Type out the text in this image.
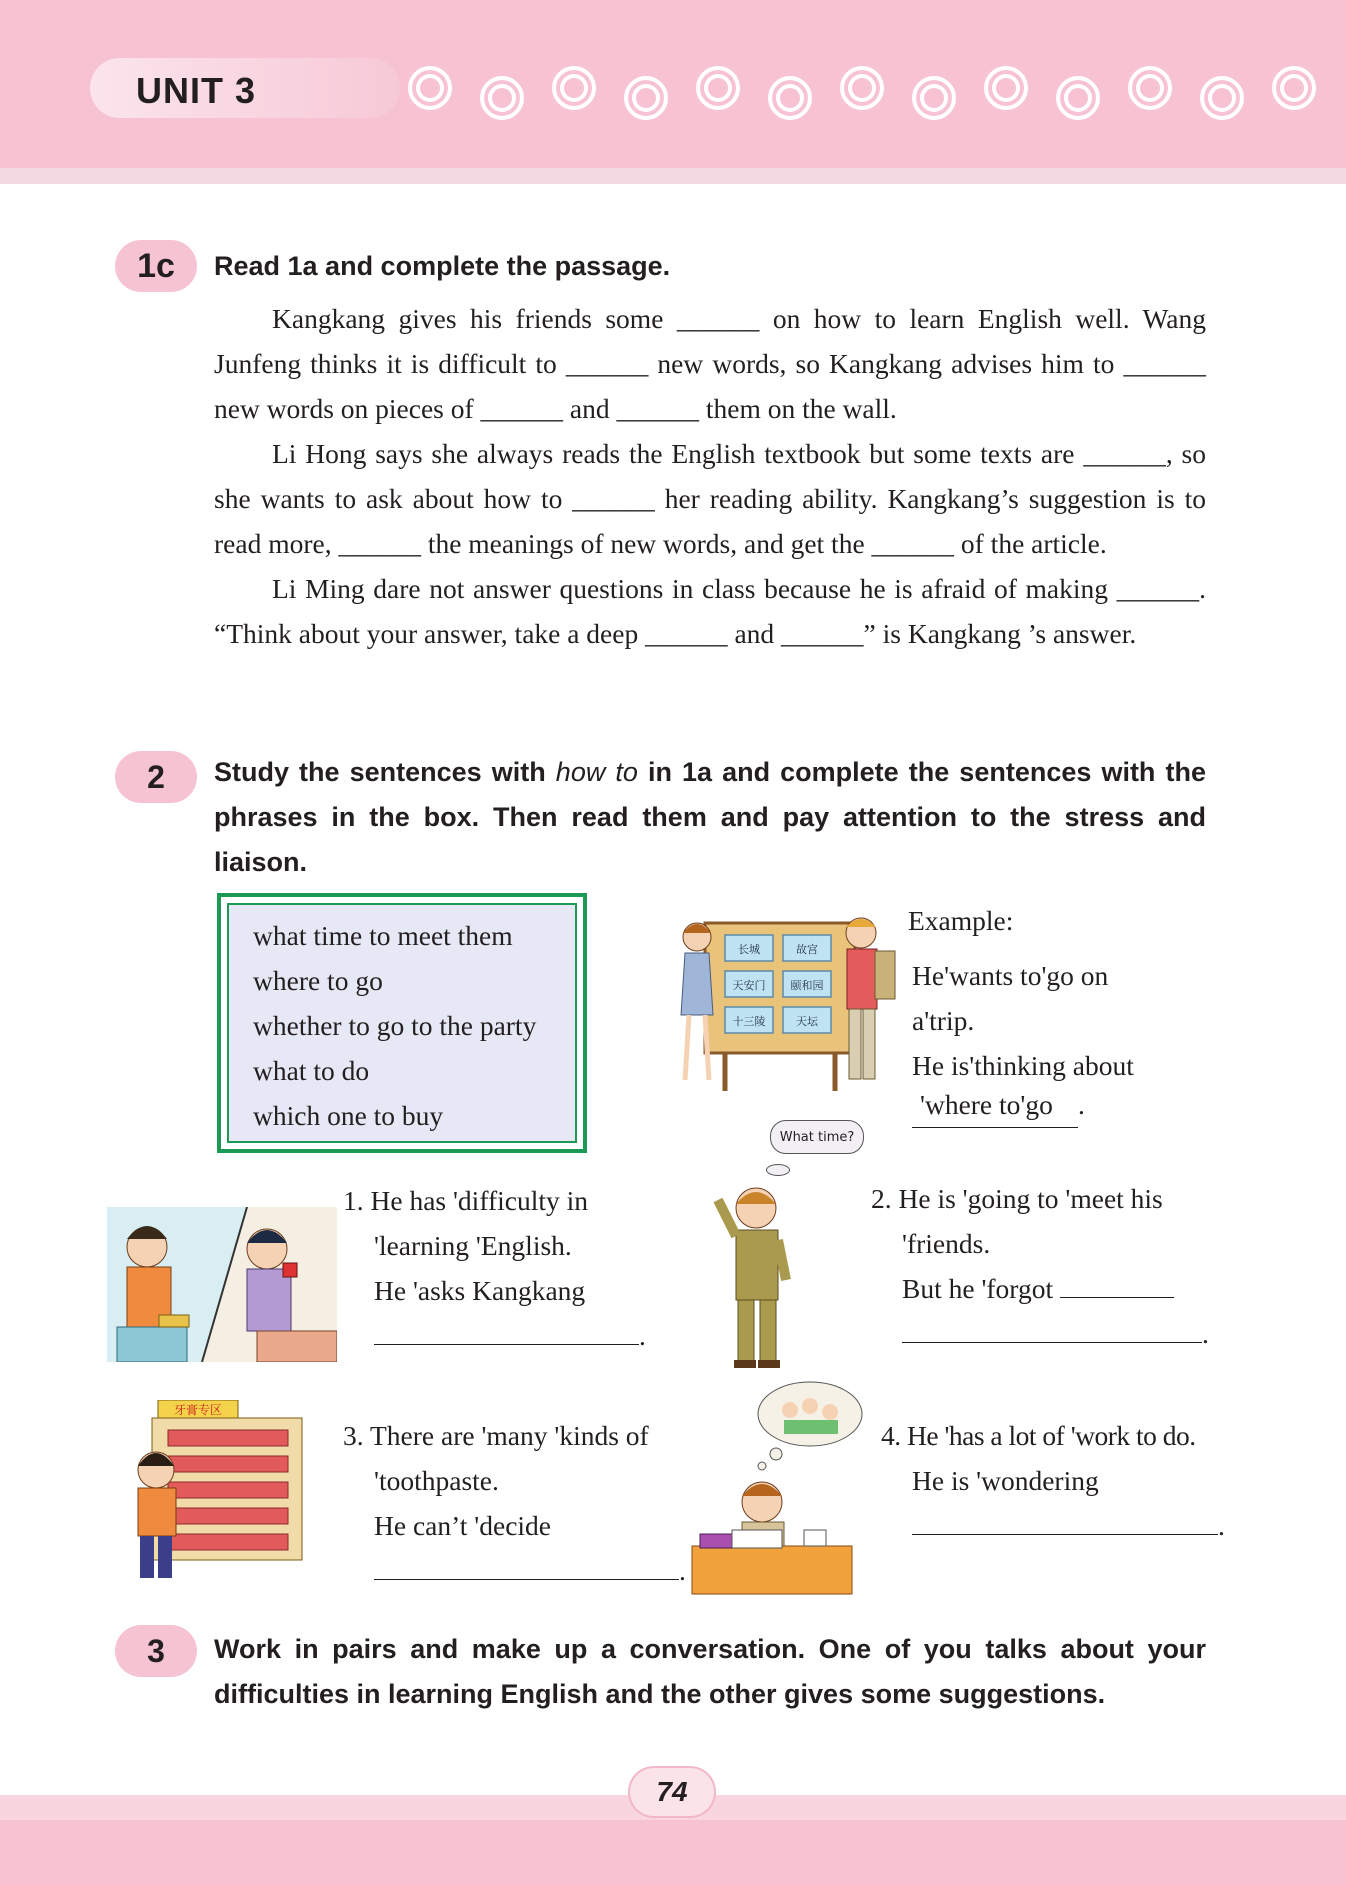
UNIT 3
1c Read 1a and complete the passage.

Kangkang gives his friends some ______ on how to learn English well. Wang Junfeng thinks it is difficult to ______ new words, so Kangkang advises him to ______ new words on pieces of ______ and ______ them on the wall.

Li Hong says she always reads the English textbook but some texts are ______, so she wants to ask about how to ______ her reading ability. Kangkang’s suggestion is to read more, ______ the meanings of new words, and get the ______ of the article.

Li Ming dare not answer questions in class because he is afraid of making ______. “Think about your answer, take a deep ______ and ______” is Kangkang ’s answer.

2 Study the sentences with how to in 1a and complete the sentences with the phrases in the box. Then read them and pay attention to the stress and liaison.
what time to meet them
where to go
whether to go to the party
what to do
which one to buy
长城	故宫
天安门 颐和园
十三陵	天坛
Example:
He'wants to'go on
a'trip.
He is'thinking about
'where to'go .
What time?
牙膏专区
1. He has 'difficulty in
'learning 'English.
He 'asks Kangkang
.
2. He is 'going to 'meet his
'friends.
But he 'forgot
.
3. There are 'many 'kinds of
'toothpaste.
He can’t 'decide
.
4. He 'has a lot of 'work to do.
He is 'wondering
.
3 Work in pairs and make up a conversation. One of you talks about your difficulties in learning English and the other gives some suggestions.
74
